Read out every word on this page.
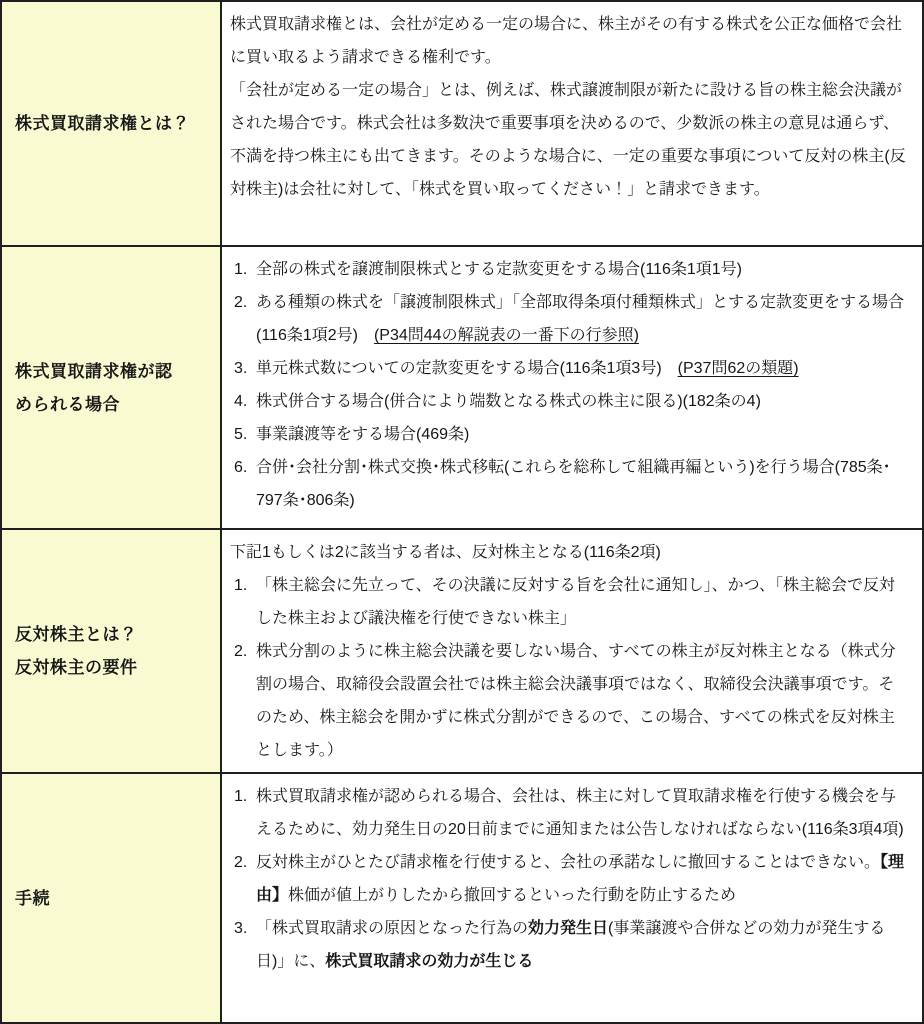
株式買取請求権とは？

株式買取請求権とは、会社が定める一定の場合に、株主がその有する株式を公正な価格で会社に買い取るよう請求できる権利です。

「会社が定める一定の場合」とは、例えば、株式譲渡制限が新たに設ける旨の株主総会決議がされた場合です。株式会社は多数決で重要事項を決めるので、少数派の株主の意見は通らず、不満を持つ株主にも出てきます。そのような場合に、一定の重要な事項について反対の株主(反対株主)は会社に対して、「株式を買い取ってください！」と請求できます。

株式買取請求権が認
められる場合
1. 全部の株式を譲渡制限株式とする定款変更をする場合(116条1項1号)
2. ある種類の株式を「譲渡制限株式」「全部取得条項付種類株式」とする定款変更をする場合(116条1項2号)　(P34問44の解説表の一番下の行参照)
3. 単元株式数についての定款変更をする場合(116条1項3号)　(P37問62の類題)
4. 株式併合する場合(併合により端数となる株式の株主に限る)(182条の4)
5. 事業譲渡等をする場合(469条)
6. 合併･会社分割･株式交換･株式移転(これらを総称して組織再編という)を行う場合(785条･797条･806条)
反対株主とは？
反対株主の要件

下記1もしくは2に該当する者は、反対株主となる(116条2項)

1. 「株主総会に先立って、その決議に反対する旨を会社に通知し」、かつ、「株主総会で反対した株主および議決権を行使できない株主」
2. 株式分割のように株主総会決議を要しない場合、すべての株主が反対株主となる（株式分割の場合、取締役会設置会社では株主総会決議事項ではなく、取締役会決議事項です。そのため、株主総会を開かずに株式分割ができるので、この場合、すべての株式を反対株主とします。）
手続
1. 株式買取請求権が認められる場合、会社は、株主に対して買取請求権を行使する機会を与えるために、効力発生日の20日前までに通知または公告しなければならない(116条3項4項)
2. 反対株主がひとたび請求権を行使すると、会社の承諾なしに撤回することはできない。【理由】株価が値上がりしたから撤回するといった行動を防止するため
3. 「株式買取請求の原因となった行為の効力発生日(事業譲渡や合併などの効力が発生する日)」に、株式買取請求の効力が生じる
